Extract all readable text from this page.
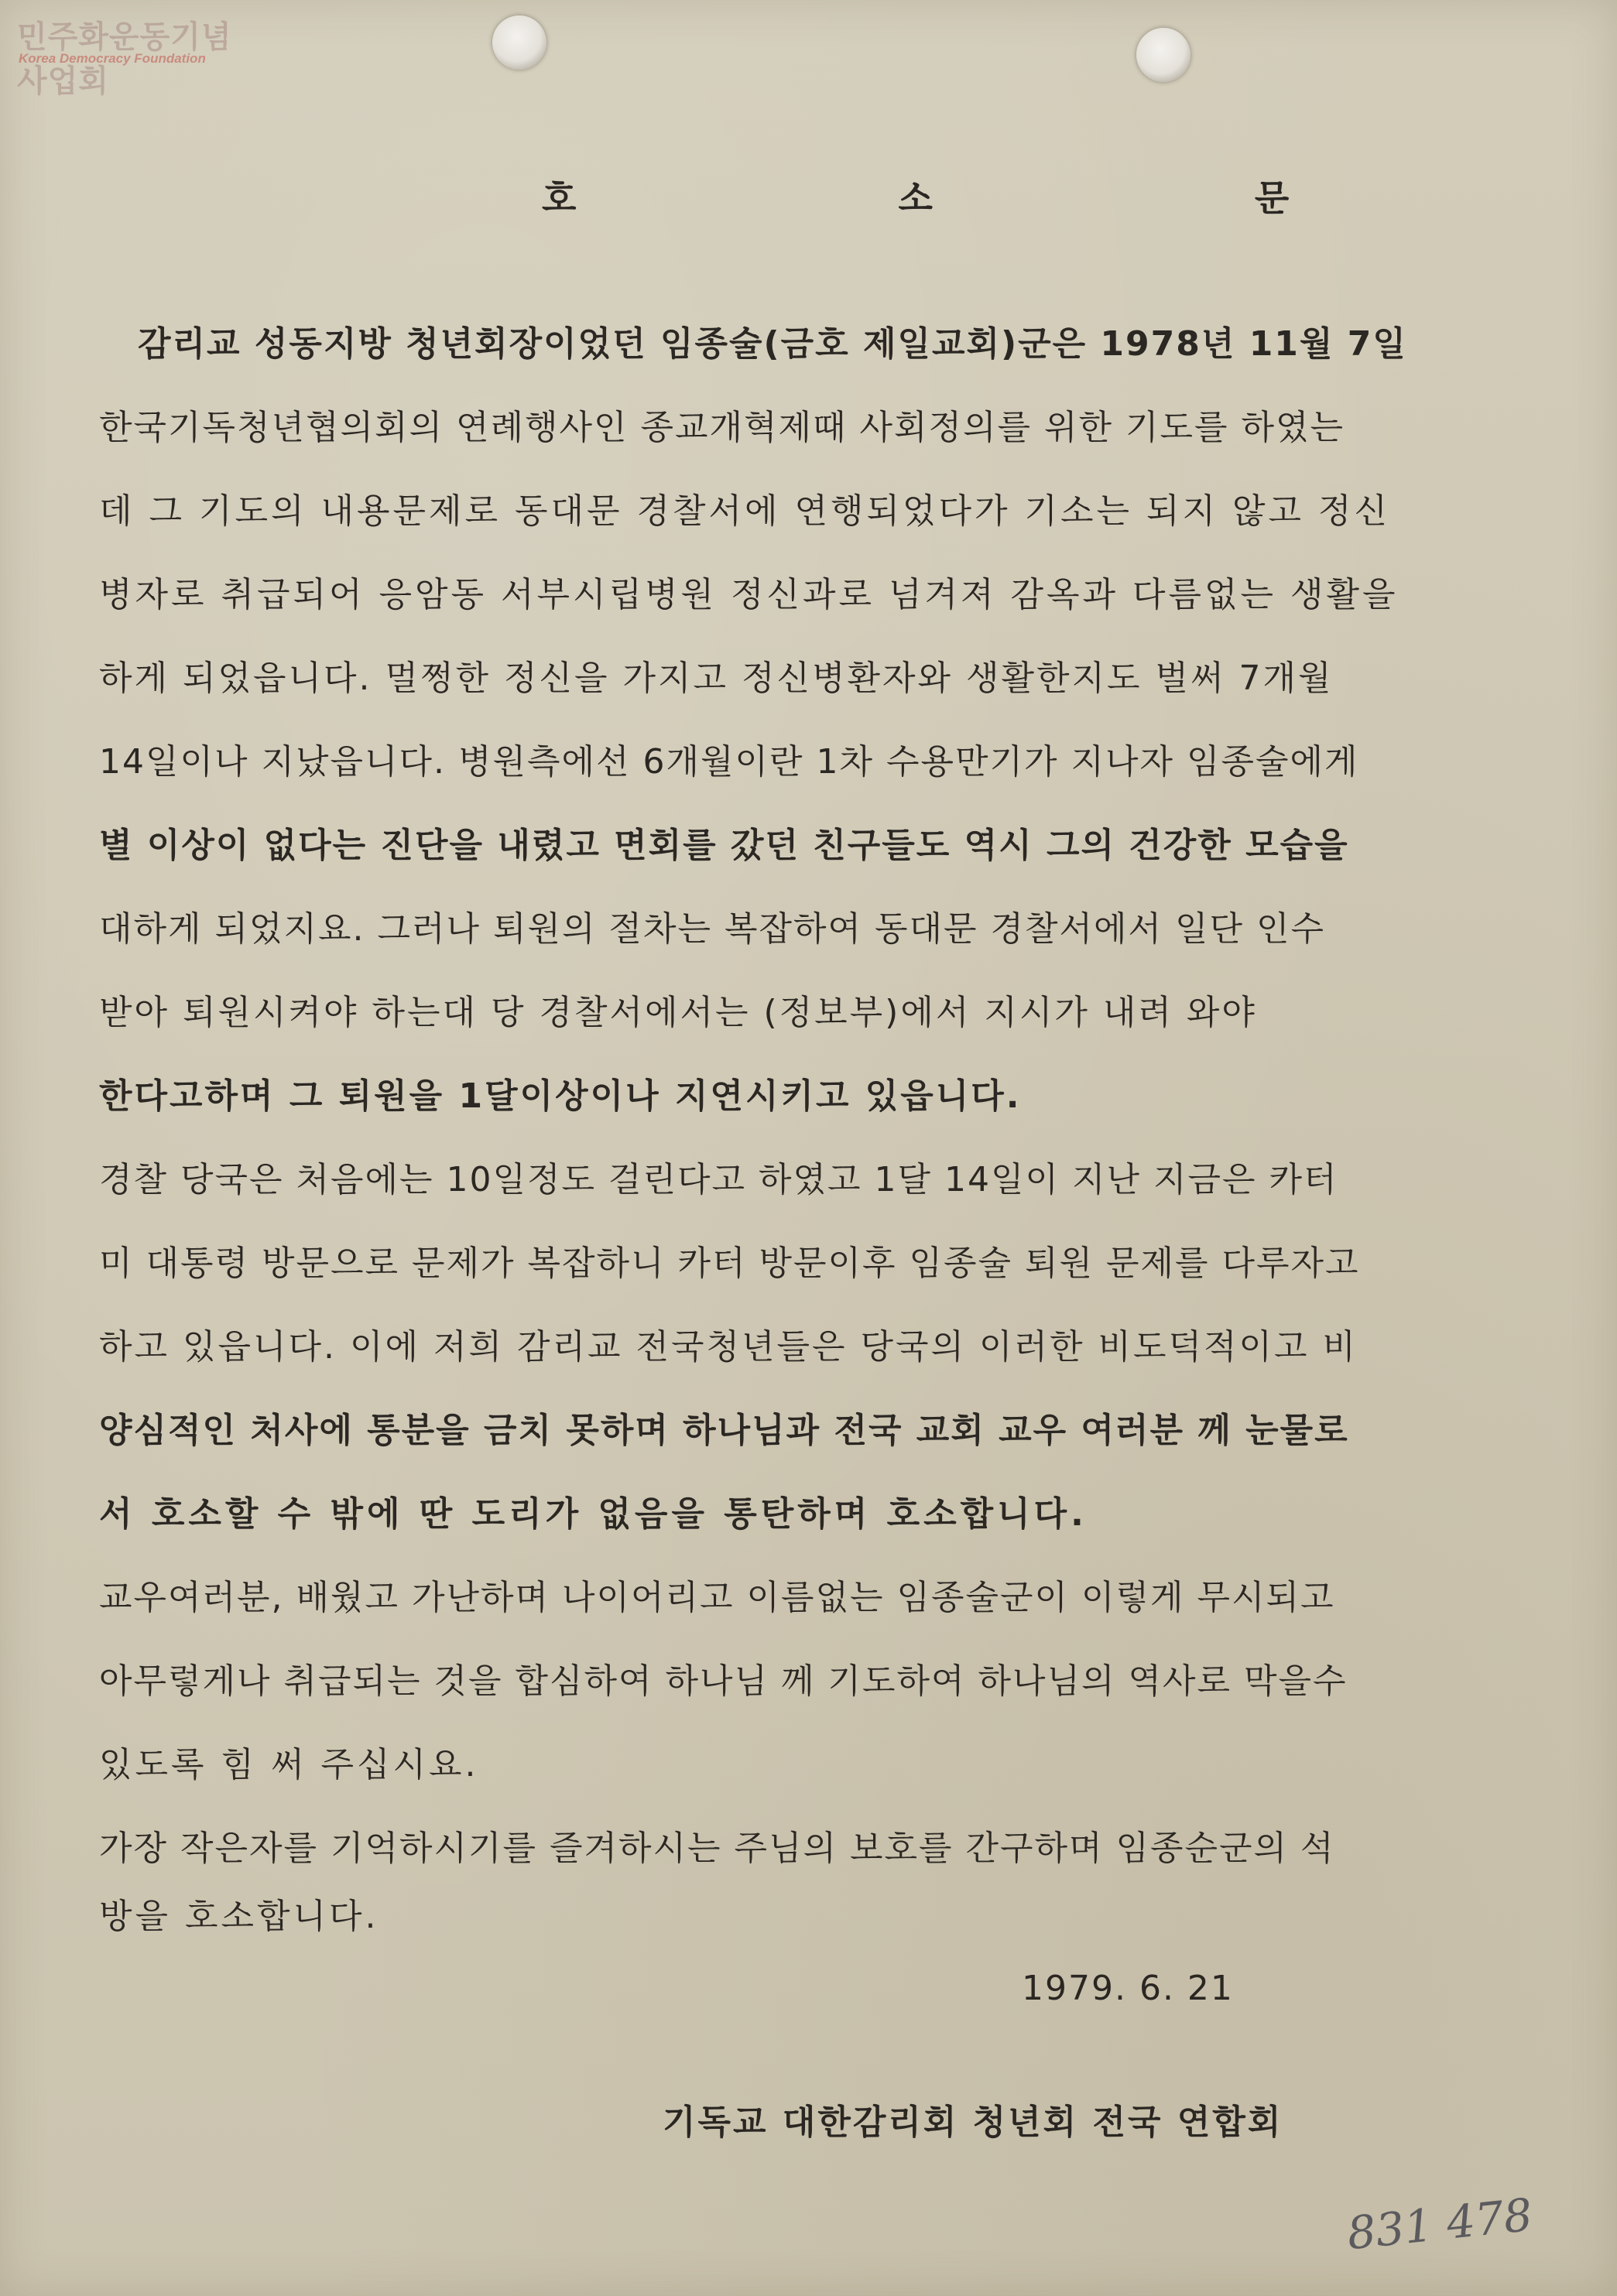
민주화운동기념사업회
Korea Democracy Foundation
호 소 문
감리교 성동지방 청년회장이었던 임종술(금호 제일교회)군은 1978년 11월 7일
한국기독청년협의회의 연례행사인 종교개혁제때 사회정의를 위한 기도를 하였는
데 그 기도의 내용문제로 동대문 경찰서에 연행되었다가 기소는 되지 않고 정신
병자로 취급되어 응암동 서부시립병원 정신과로 넘겨져 감옥과 다름없는 생활을
하게 되었읍니다. 멀쩡한 정신을 가지고 정신병환자와 생활한지도 벌써 7개월
14일이나 지났읍니다. 병원측에선 6개월이란 1차 수용만기가 지나자 임종술에게
별 이상이 없다는 진단을 내렸고 면회를 갔던 친구들도 역시 그의 건강한 모습을
대하게 되었지요. 그러나 퇴원의 절차는 복잡하여 동대문 경찰서에서 일단 인수
받아 퇴원시켜야 하는대 당 경찰서에서는 (정보부)에서 지시가 내려 와야
한다고하며 그 퇴원을 1달이상이나 지연시키고 있읍니다.
경찰 당국은 처음에는 10일정도 걸린다고 하였고 1달 14일이 지난 지금은 카터
미 대통령 방문으로 문제가 복잡하니 카터 방문이후 임종술 퇴원 문제를 다루자고
하고 있읍니다. 이에 저희 감리교 전국청년들은 당국의 이러한 비도덕적이고 비
양심적인 처사에 통분을 금치 못하며 하나님과 전국 교회 교우 여러분 께 눈물로
서 호소할 수 밖에 딴 도리가 없음을 통탄하며 호소합니다.
교우여러분, 배웠고 가난하며 나이어리고 이름없는 임종술군이 이렇게 무시되고
아무렇게나 취급되는 것을 합심하여 하나님 께 기도하여 하나님의 역사로 막을수
있도록 힘 써 주십시요.
가장 작은자를 기억하시기를 즐겨하시는 주님의 보호를 간구하며 임종순군의 석
방을 호소합니다.
1979. 6. 21
기독교 대한감리회 청년회 전국 연합회
831 478
